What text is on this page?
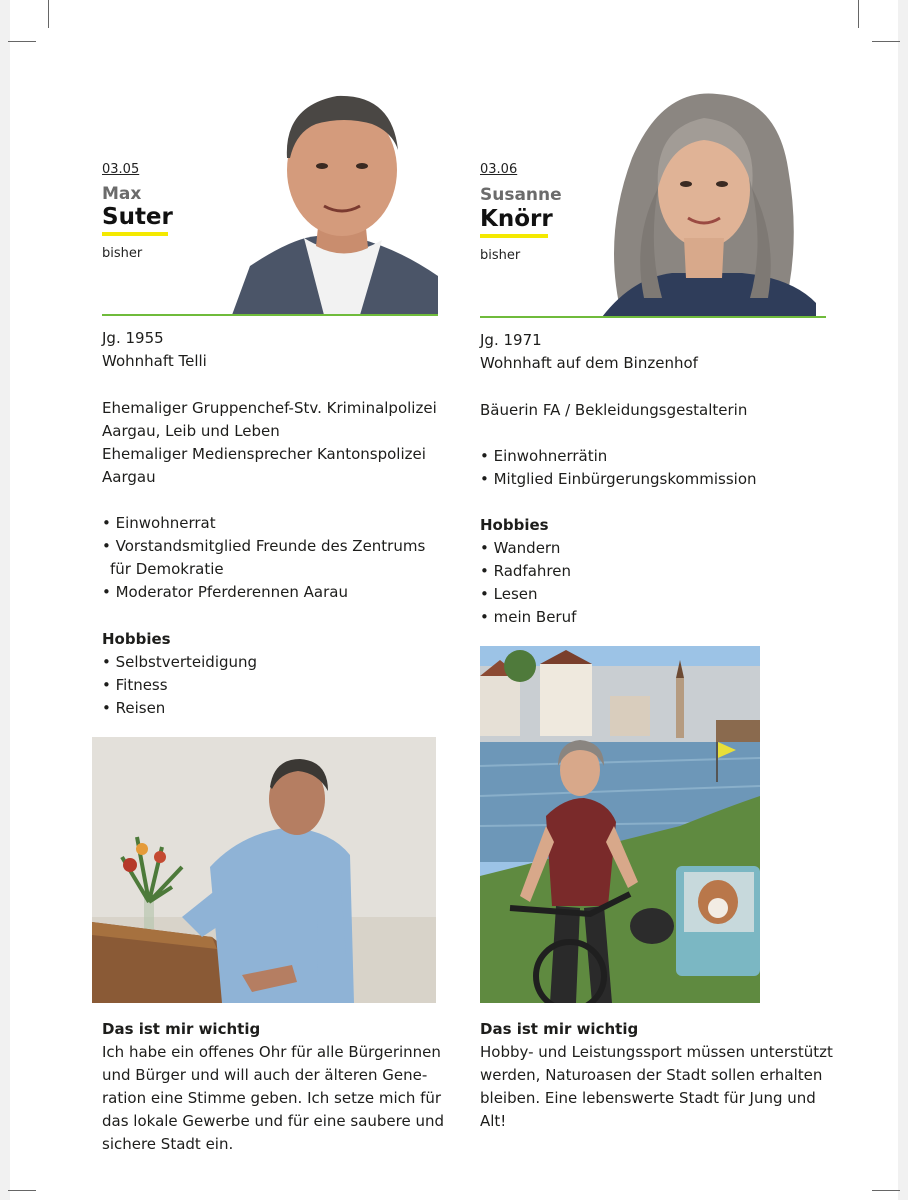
03.05
Max
Suter
bisher
Jg. 1955
Wohnhaft Telli
Ehemaliger Gruppenchef-Stv. Kriminalpolizei
Aargau, Leib und Leben
Ehemaliger Mediensprecher Kantonspolizei
Aargau
• Einwohnerrat
• Vorstandsmitglied Freunde des Zentrums
für Demokratie
• Moderator Pferderennen Aarau
Hobbies
• Selbstverteidigung
• Fitness
• Reisen
Das ist mir wichtig
Ich habe ein offenes Ohr für alle Bürgerinnen
und Bürger und will auch der älteren Gene-
ration eine Stimme geben. Ich setze mich für
das lokale Gewerbe und für eine saubere und
sichere Stadt ein.
03.06
Susanne
Knörr
bisher
Jg. 1971
Wohnhaft auf dem Binzenhof
Bäuerin FA / Bekleidungsgestalterin
• Einwohnerrätin
• Mitglied Einbürgerungskommission
Hobbies
• Wandern
• Radfahren
• Lesen
• mein Beruf
Das ist mir wichtig
Hobby- und Leistungssport müssen unterstützt
werden, Naturoasen der Stadt sollen erhalten
bleiben. Eine lebenswerte Stadt für Jung und
Alt!
